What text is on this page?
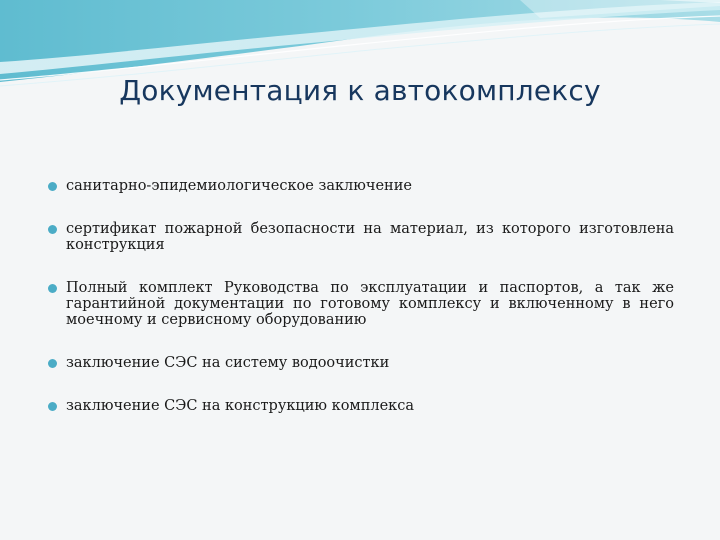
Документация к автокомплексу
санитарно-эпидемиологическое заключение
сертификат пожарной безопасности на материал, из которого изготовлена конструкция
Полный комплект Руководства по эксплуатации и паспортов, а так же гарантийной документации по готовому комплексу и включенному в него моечному и сервисному оборудованию
заключение СЭС на систему водоочистки
заключение СЭС на конструкцию комплекса
